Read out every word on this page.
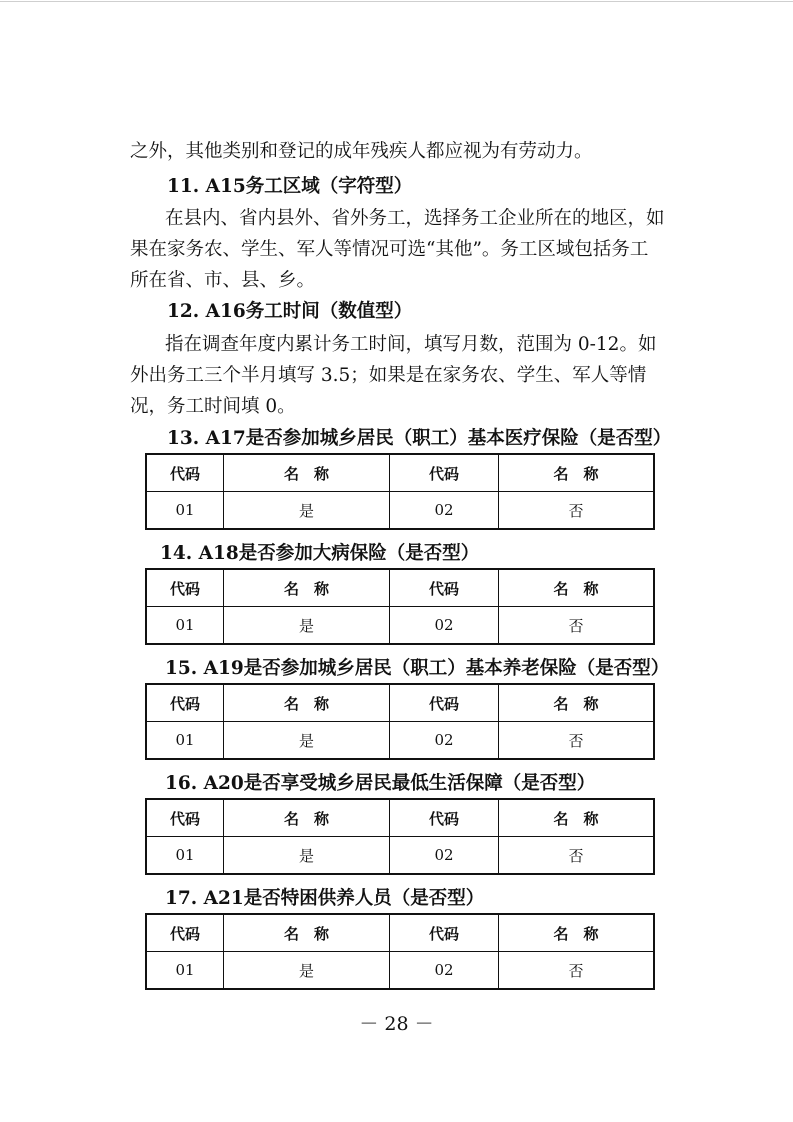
之外，其他类别和登记的成年残疾人都应视为有劳动力。
11. A15务工区域（字符型）
在县内、省内县外、省外务工，选择务工企业所在的地区，如
果在家务农、学生、军人等情况可选“其他”。务工区域包括务工
所在省、市、县、乡。
12. A16务工时间（数值型）
指在调查年度内累计务工时间，填写月数，范围为 0-12。如
外出务工三个半月填写 3.5；如果是在家务农、学生、军人等情
况，务工时间填 0。
13. A17是否参加城乡居民（职工）基本医疗保险（是否型）
代码	名　称	代码	名　称
01	是	02	否
14. A18是否参加大病保险（是否型）
代码	名　称	代码	名　称
01	是	02	否
15. A19是否参加城乡居民（职工）基本养老保险（是否型）
代码	名　称	代码	名　称
01	是	02	否
16. A20是否享受城乡居民最低生活保障（是否型）
代码	名　称	代码	名　称
01	是	02	否
17. A21是否特困供养人员（是否型）
代码	名　称	代码	名　称
01	是	02	否
－ 28 －
